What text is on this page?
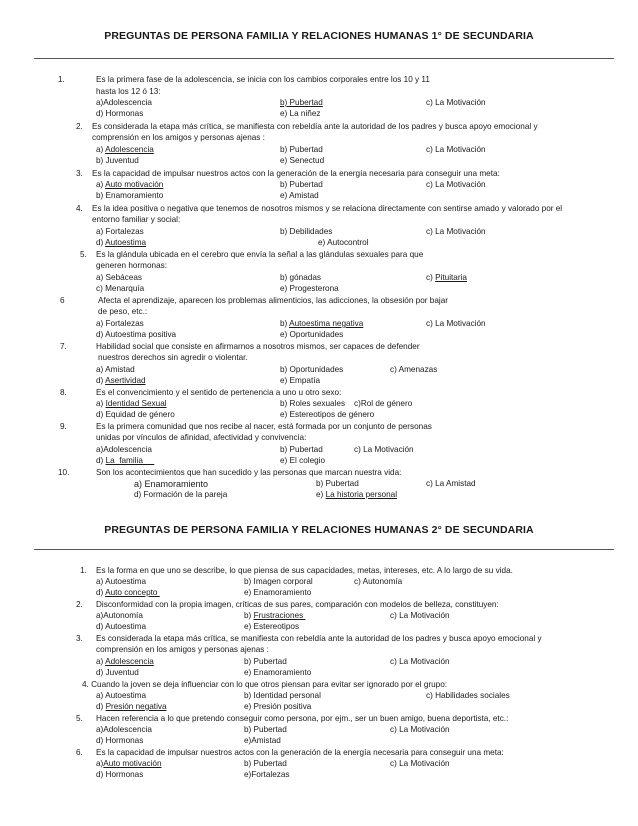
PREGUNTAS DE PERSONA FAMILIA Y RELACIONES HUMANAS 1° DE SECUNDARIA
1.	Es la primera fase de la adolescencia, se inicia con los cambios corporales entre los 10 y 11
hasta los 12 ó 13:
a)Adolescencia	b) Pubertad	c) La Motivación
d) Hormonas	e) La niñez
2. Es considerada la etapa más crítica, se manifiesta con rebeldía ante la autoridad de los padres y busca apoyo emocional y
comprensión en los amigos y personas ajenas :
a) Adolescencia	b) Pubertad	c) La Motivación
b) Juventud	e) Senectud
3. Es la capacidad de impulsar nuestros actos con la generación de la energía necesaria para conseguir una meta:
a) Auto motivación	b) Pubertad	c) La Motivación
b) Enamoramiento	e) Amistad
4. Es la idea positiva o negativa que tenemos de nosotros mismos y se relaciona directamente con sentirse amado y valorado por el
entorno familiar y social:
a) Fortalezas	b) Debilidades	c) La Motivación
d) Autoestima	e) Autocontrol
5. Es la glándula ubicada en el cerebro que envía la señal a las glándulas sexuales para que
generen hormonas:
a) Sebáceas	b) gónadas	c) Pituitaria
c) Menarquía	e) Progesterona
6	Afecta el aprendizaje, aparecen los problemas alimenticios, las adicciones, la obsesión por bajar
de peso, etc.:
a) Fortalezas	b) Autoestima negativa	c) La Motivación
d) Autoestima positiva	e) Oportunidades
7.	Habilidad social que consiste en afirmarnos a nosotros mismos, ser capaces de defender
nuestros derechos sin agredir o violentar.
a) Amistad	b) Oportunidades	c) Amenazas
d) Asertividad	e) Empatía
8.	Es el convencimiento y el sentido de pertenencia a uno u otro sexo:
a) Identidad Sexual	b) Roles sexuales c)Rol de género
d) Equidad de género	e) Estereotipos de género
9.	Es la primera comunidad que nos recibe al nacer, está formada por un conjunto de personas
unidas por vínculos de afinidad, afectividad y convivencia:
a)Adolescencia	b) Pubertad	c) La Motivación
d) La  familia	e) El colegio
10.	Son los acontecimientos que han sucedido y las personas que marcan nuestra vida:
a) Enamoramiento	b) Pubertad	c) La Amistad
d) Formación de la pareja	e) La historia personal
PREGUNTAS DE PERSONA FAMILIA Y RELACIONES HUMANAS 2° DE SECUNDARIA
1. Es la forma en que uno se describe, lo que piensa de sus capacidades, metas, intereses, etc. A lo largo de su vida.
a) Autoestima	b) Imagen corporal	c) Autonomía
d) Auto concepto	e) Enamoramiento
2. Disconformidad con la propia imagen, críticas de sus pares, comparación con modelos de belleza, constituyen:
a)Autonomía	b) Frustraciones	c) La Motivación
d) Autoestima	e) Estereotipos
3. Es considerada la etapa más crítica, se manifiesta con rebeldía ante la autoridad de los padres y busca apoyo emocional y
comprensión en los amigos y personas ajenas :
a) Adolescencia	b) Pubertad	c) La Motivación
d) Juventud	e) Enamoramiento
4. Cuando la joven se deja influenciar con lo que otros piensan para evitar ser ignorado por el grupo:
a) Autoestima	b) Identidad personal	c) Habilidades sociales
d) Presión negativa	e) Presión positiva
5. Hacen referencia a lo que pretendo conseguir como persona, por ejm., ser un buen amigo, buena deportista, etc.:
a)Adolescencia	b) Pubertad	c) La Motivación
d) Hormonas	e)Amistad
6. Es la capacidad de impulsar nuestros actos con la generación de la energía necesaria para conseguir una meta:
a)Auto motivación	b) Pubertad	c) La Motivación
d) Hormonas	e)Fortalezas
